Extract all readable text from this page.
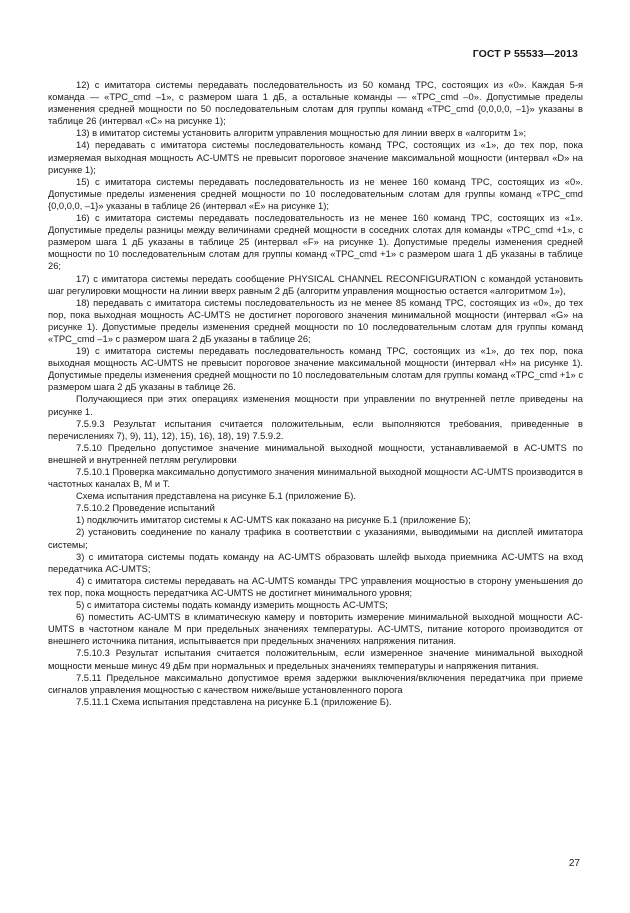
ГОСТ Р 55533—2013

12) с имитатора системы передавать последовательность из 50 команд TPC, состоящих из «0». Каждая 5-я команда — «TPC_cmd –1», с размером шага 1 дБ, а остальные команды — «TPC_cmd –0». Допустимые пределы изменения средней мощности по 50 последовательным слотам для группы команд «TPC_cmd {0,0,0,0, –1}» указаны в таблице 26 (интервал «C» на рисунке 1);

13) в имитатор системы установить алгоритм управления мощностью для линии вверх в «алгоритм 1»;

14) передавать с имитатора системы последовательность команд TPC, состоящих из «1», до тех пор, пока измеряемая выходная мощность AC-UMTS не превысит пороговое значение максимальной мощности (интервал «D» на рисунке 1);

15) с имитатора системы передавать последовательность из не менее 160 команд TPC, состоящих из «0». Допустимые пределы изменения средней мощности по 10 последовательным слотам для группы команд «TPC_cmd {0,0,0,0, –1}» указаны в таблице 26 (интервал «E» на рисунке 1);

16) с имитатора системы передавать последовательность из не менее 160 команд TPC, состоящих из «1». Допустимые пределы разницы между величинами средней мощности в соседних слотах для команды «TPC_cmd +1», с размером шага 1 дБ указаны в таблице 25 (интервал «F» на рисунке 1). Допустимые пределы изменения средней мощности по 10 последовательным слотам для группы команд «TPC_cmd +1» с размером шага 1 дБ указаны в таблице 26;

17) с имитатора системы передать сообщение PHYSICAL CHANNEL RECONFIGURATION с командой установить шаг регулировки мощности на линии вверх равным 2 дБ (алгоритм управления мощностью остается «алгоритмом 1»),

18) передавать с имитатора системы последовательность из не менее 85 команд TPC, состоящих из «0», до тех пор, пока выходная мощность AC-UMTS не достигнет порогового значения минимальной мощности (интервал «G» на рисунке 1). Допустимые пределы изменения средней мощности по 10 последовательным слотам для группы команд «TPC_cmd –1» с размером шага 2 дБ указаны в таблице 26;

19) с имитатора системы передавать последовательность команд TPC, состоящих из «1», до тех пор, пока выходная мощность AC-UMTS не превысит пороговое значение максимальной мощности (интервал «H» на рисунке 1). Допустимые пределы изменения средней мощности по 10 последовательным слотам для группы команд «TPC_cmd +1» с размером шага 2 дБ указаны в таблице 26.

Получающиеся при этих операциях изменения мощности при управлении по внутренней петле приведены на рисунке 1.

7.5.9.3 Результат испытания считается положительным, если выполняются требования, приведенные в перечислениях 7), 9), 11), 12), 15), 16), 18), 19) 7.5.9.2.

7.5.10 Предельно допустимое значение минимальной выходной мощности, устанавливаемой в AC-UMTS по внешней и внутренней петлям регулировки

7.5.10.1 Проверка максимально допустимого значения минимальной выходной мощности AC-UMTS производится в частотных каналах B, M и T.

Схема испытания представлена на рисунке Б.1 (приложение Б).

7.5.10.2 Проведение испытаний

1) подключить имитатор системы к AC-UMTS как показано на рисунке Б.1 (приложение Б);

2) установить соединение по каналу трафика в соответствии с указаниями, выводимыми на дисплей имитатора системы;

3) с имитатора системы подать команду на AC-UMTS образовать шлейф выхода приемника AC-UMTS на вход передатчика AC-UMTS;

4) с имитатора системы передавать на AC-UMTS команды TPC управления мощностью в сторону уменьшения до тех пор, пока мощность передатчика AC-UMTS не достигнет минимального уровня;

5) с имитатора системы подать команду измерить мощность AC-UMTS;

6) поместить AC-UMTS в климатическую камеру и повторить измерение минимальной выходной мощности AC-UMTS в частотном канале M при предельных значениях температуры. AC-UMTS, питание которого производится от внешнего источника питания, испытывается при предельных значениях напряжения питания.

7.5.10.3 Результат испытания считается положительным, если измеренное значение минимальной выходной мощности меньше минус 49 дБм при нормальных и предельных значениях температуры и напряжения питания.

7.5.11 Предельное максимально допустимое время задержки выключения/включения передатчика при приеме сигналов управления мощностью с качеством ниже/выше установленного порога

7.5.11.1 Схема испытания представлена на рисунке Б.1 (приложение Б).

27
